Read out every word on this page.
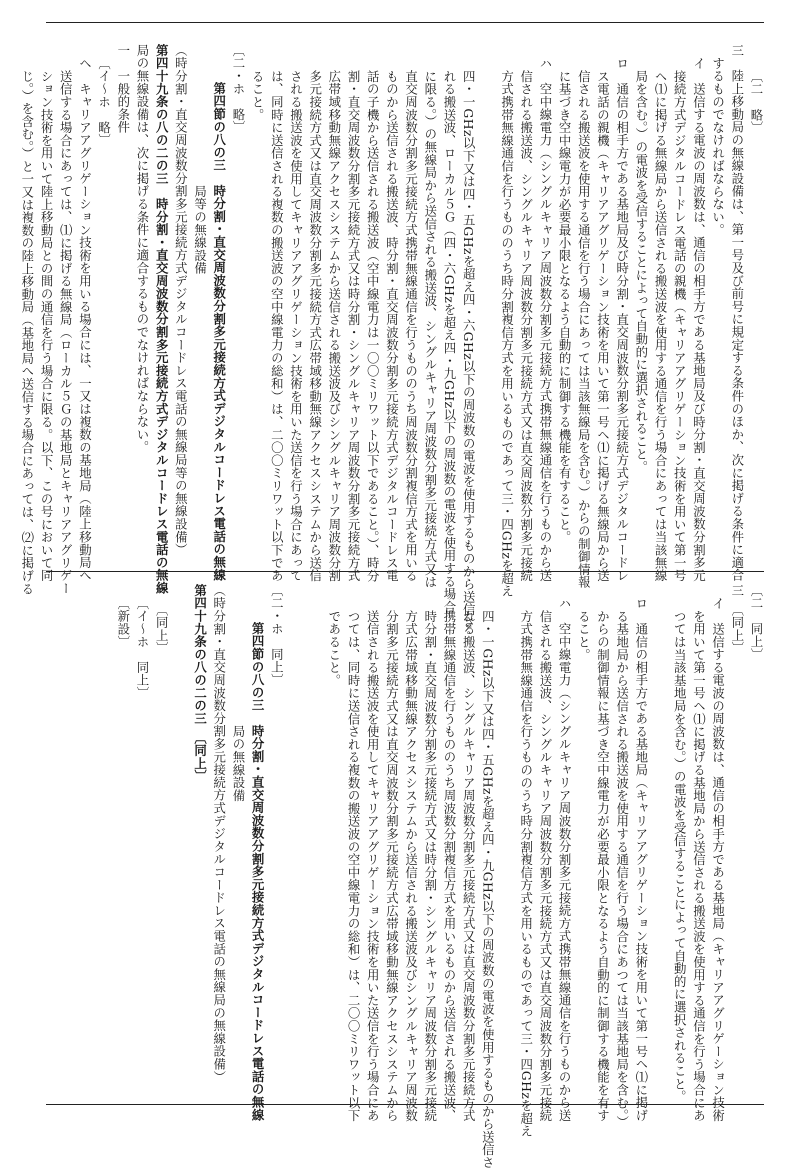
〔二　略〕
三　陸上移動局の無線設備は、第一号及び前号に規定する条件のほか、次に掲げる条件に適合
するものでなければならない。
イ　送信する電波の周波数は、通信の相手方である基地局及び時分割・直交周波数分割多元
接続方式デジタルコードレス電話の親機（キャリアアグリゲーション技術を用いて第一号
ヘ⑴に掲げる無線局から送信される搬送波を使用する通信を行う場合にあっては当該無線
局を含む。）の電波を受信することによって自動的に選択されること。
ロ　通信の相手方である基地局及び時分割・直交周波数分割多元接続方式デジタルコードレ
ス電話の親機（キャリアアグリゲーション技術を用いて第一号ヘ⑴に掲げる無線局から送
信される搬送波を使用する通信を行う場合にあっては当該無線局を含む。）からの制御情報
に基づき空中線電力が必要最小限となるよう自動的に制御する機能を有すること。
ハ　空中線電力（シングルキャリア周波数分割多元接続方式携帯無線通信を行うものから送
信される搬送波、シングルキャリア周波数分割多元接続方式又は直交周波数分割多元接続
方式携帯無線通信を行うもののうち時分割複信方式を用いるものであって三・四GHzを超え
四・一GHz以下又は四・五GHzを超え四・六GHz以下の周波数の電波を使用するものから送信さ
れる搬送波、ローカル５Ｇ（四・六GHzを超え四・九GHz以下の周波数の電波を使用する場合
に限る。）の無線局から送信される搬送波、シングルキャリア周波数分割多元接続方式又は
直交周波数分割多元接続方式携帯無線通信を行うもののうち周波数分割複信方式を用いる
ものから送信される搬送波、時分割・直交周波数分割多元接続方式デジタルコードレス電
話の子機から送信される搬送波（空中線電力は一〇〇ミリワット以下であること。）、時分
割・直交周波数分割多元接続方式又は時分割・シングルキャリア周波数分割多元接続方式
広帯域移動無線アクセスシステムから送信される搬送波及びシングルキャリア周波数分割
多元接続方式又は直交周波数分割多元接続方式広帯域移動無線アクセスシステムから送信
される搬送波を使用してキャリアアグリゲーション技術を用いた送信を行う場合にあって
は、同時に送信される複数の搬送波の空中線電力の総和）は、二〇〇ミリワット以下であ
ること。
〔二・ホ　略〕
第四節の八の三　時分割・直交周波数分割多元接続方式デジタルコードレス電話の無線
局等の無線設備
（時分割・直交周波数分割多元接続方式デジタルコードレス電話の無線局等の無線設備）
第四十九条の八の二の三　時分割・直交周波数分割多元接続方式デジタルコードレス電話の無線
局の無線設備は、次に掲げる条件に適合するものでなければならない。
一　一般的条件
〔イ～ホ　略〕
ヘ　キャリアアグリゲーション技術を用いる場合には、一又は複数の基地局（陸上移動局へ
送信する場合にあっては、⑴に掲げる無線局（ローカル５Ｇの基地局とキャリアアグリゲー
ション技術を用いて陸上移動局との間の通信を行う場合に限る。以下、この号において同
じ。）を含む。）と一又は複数の陸上移動局（基地局へ送信する場合にあっては、⑵に掲げる
〔二　同上〕
三　〔同上〕
イ　送信する電波の周波数は、通信の相手方である基地局（キャリアアグリゲーション技術
を用いて第一号ヘ⑴に掲げる基地局から送信される搬送波を使用する通信を行う場合にあ
つては当該基地局を含む。）の電波を受信することによって自動的に選択されること。
ロ　通信の相手方である基地局（キャリアアグリゲーション技術を用いて第一号ヘ⑴に掲げ
る基地局から送信される搬送波を使用する通信を行う場合にあつては当該基地局を含む。）
からの制御情報に基づき空中線電力が必要最小限となるよう自動的に制御する機能を有す
ること。
ハ　空中線電力（シングルキャリア周波数分割多元接続方式携帯無線通信を行うものから送
信される搬送波、シングルキャリア周波数分割多元接続方式又は直交周波数分割多元接続
方式携帯無線通信を行うもののうち時分割複信方式を用いるものであって三・四GHzを超え
四・一GHz以下又は四・五GHzを超え四・九GHz以下の周波数の電波を使用するものから送信さ
れる搬送波、シングルキャリア周波数分割多元接続方式又は直交周波数分割多元接続方式
携帯無線通信を行うもののうち周波数分割複信方式を用いるものから送信される搬送波、
時分割・直交周波数分割多元接続方式又は時分割・シングルキャリア周波数分割多元接続
方式広帯域移動無線アクセスシステムから送信される搬送波及びシングルキャリア周波数
分割多元接続方式又は直交周波数分割多元接続方式広帯域移動無線アクセスシステムから
送信される搬送波を使用してキャリアアグリゲーション技術を用いた送信を行う場合にあ
つては、同時に送信される複数の搬送波の空中線電力の総和）は、二〇〇ミリワット以下
であること。
〔二・ホ　同上〕
第四節の八の三　時分割・直交周波数分割多元接続方式デジタルコードレス電話の無線
局の無線設備
（時分割・直交周波数分割多元接続方式デジタルコードレス電話の無線局の無線設備）
第四十九条の八の二の三　〔同上〕
一　〔同上〕
〔イ～ホ　同上〕
〔新設〕
